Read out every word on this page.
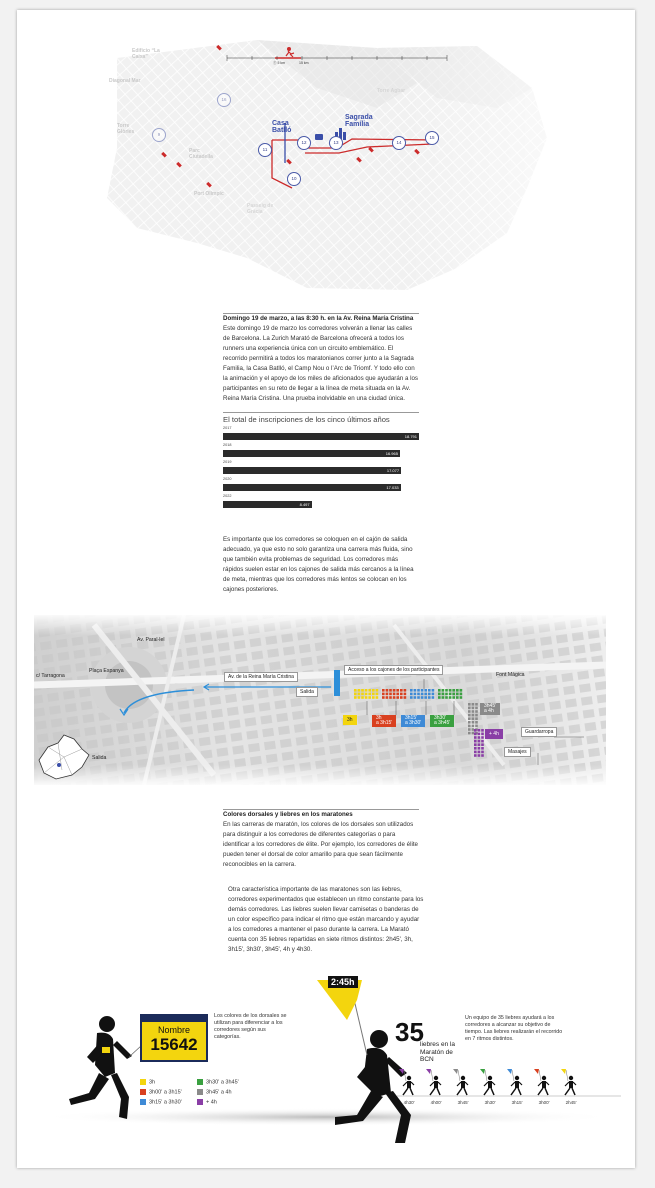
Ⓢ 5 km	15 km
Edificio “La Caixa”
Diagonal Mar
Casa Batlló
Sagrada Família
Parc Ciutadella
Port Olímpic
Torre Glòries
Torre Agbar
Passeig de Gràcia
11
12	13	14
15
10
9
16
Domingo 19 de marzo, a las 8:30 h. en la Av. Reina María Cristina
Este domingo 19 de marzo los corredores volverán a llenar las calles de Barcelona. La Zurich Marató de Barcelona ofrecerá a todos los runners una experiencia única con un circuito emblemático. El recorrido permitirá a todos los maratonianos correr junto a la Sagrada Familia, la Casa Batlló, el Camp Nou o l’Arc de Triomf. Y todo ello con la animación y el apoyo de los miles de aficionados que ayudarán a los participantes en su reto de llegar a la línea de meta situada en la Av. Reina María Cristina. Una prueba inolvidable en una ciudad única.
El total de inscripciones de los cinco últimos años
2017
18.791
2018
16.965
2019
17.077
2020
17.033
2022
8.497
Es importante que los corredores se coloquen en el cajón de salida adecuado, ya que esto no solo garantiza una carrera más fluida, sino que también evita problemas de seguridad. Los corredores más rápidos suelen estar en los cajones de salida más cercanos a la línea de meta, mientras que los corredores más lentos se colocan en los cajones posteriores.
Av. Paral·lel
c/ Tarragona
Plaça Espanya
Av. de la Reina María Cristina
Salida
Salida
Acceso a los cajones de los participantes
Font Màgica
Guardarropa
Masajes
3h	3h
a 3h15'
3h15'
a 3h30'
3h30'
a 3h45'
3h45'
a 4h
+ 4h
Colores dorsales y liebres en los maratones
En las carreras de maratón, los colores de los dorsales son utilizados para distinguir a los corredores de diferentes categorías o para identificar a los corredores de élite. Por ejemplo, los corredores de élite pueden tener el dorsal de color amarillo para que sean fácilmente reconocibles en la carrera.
Otra característica importante de las maratones son las liebres, corredores experimentados que establecen un ritmo constante para los demás corredores. Las liebres suelen llevar camisetas o banderas de un color específico para indicar el ritmo que están marcando y ayudar a los corredores a mantener el paso durante la carrera. La Marató cuenta con 35 liebres repartidas en siete ritmos distintos: 2h45', 3h, 3h15', 3h30', 3h45', 4h y 4h30.
Nombre
15642
Los colores de los dorsales se utilizan para diferenciar a los corredores según sus categorías.
3h	3h30' a 3h45'
3h00' a 3h15'	3h45' a 4h
3h15' a 3h30'	+ 4h
2:45h
35
liebres en la Maratón de BCN
Un equipo de 35 liebres ayudará a los corredores a alcanzar su objetivo de tiempo. Las liebres realizarán el recorrido en 7 ritmos distintos.
4h30'	4h00'	3h45'	3h30'	3h15'	3h00'	2h45'
